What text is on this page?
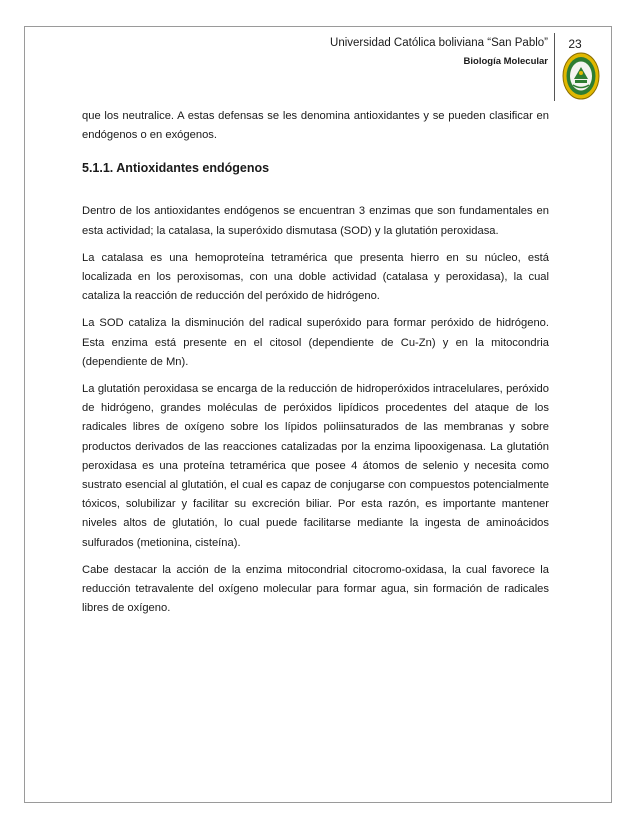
Universidad Católica boliviana “San Pablo”
Biología Molecular
23

que los neutralice. A estas defensas se les denomina antioxidantes y se pueden clasificar en endógenos o en exógenos.

5.1.1. Antioxidantes endógenos

Dentro de los antioxidantes endógenos se encuentran 3 enzimas que son fundamentales en esta actividad; la catalasa, la superóxido dismutasa (SOD) y la glutatión peroxidasa.

La catalasa es una hemoproteína tetramérica que presenta hierro en su núcleo, está localizada en los peroxisomas, con una doble actividad (catalasa y peroxidasa), la cual cataliza la reacción de reducción del peróxido de hidrógeno.

La SOD cataliza la disminución del radical superóxido para formar peróxido de hidrógeno. Esta enzima está presente en el citosol (dependiente de Cu-Zn) y en la mitocondria (dependiente de Mn).

La glutatión peroxidasa se encarga de la reducción de hidroperóxidos intracelulares, peróxido de hidrógeno, grandes moléculas de peróxidos lipídicos procedentes del ataque de los radicales libres de oxígeno sobre los lípidos poliinsaturados de las membranas y sobre productos derivados de las reacciones catalizadas por la enzima lipooxigenasa. La glutatión peroxidasa es una proteína tetramérica que posee 4 átomos de selenio y necesita como sustrato esencial al glutatión, el cual es capaz de conjugarse con compuestos potencialmente tóxicos, solubilizar y facilitar su excreción biliar. Por esta razón, es importante mantener niveles altos de glutatión, lo cual puede facilitarse mediante la ingesta de aminoácidos sulfurados (metionina, cisteína).

Cabe destacar la acción de la enzima mitocondrial citocromo-oxidasa, la cual favorece la reducción tetravalente del oxígeno molecular para formar agua, sin formación de radicales libres de oxígeno.
